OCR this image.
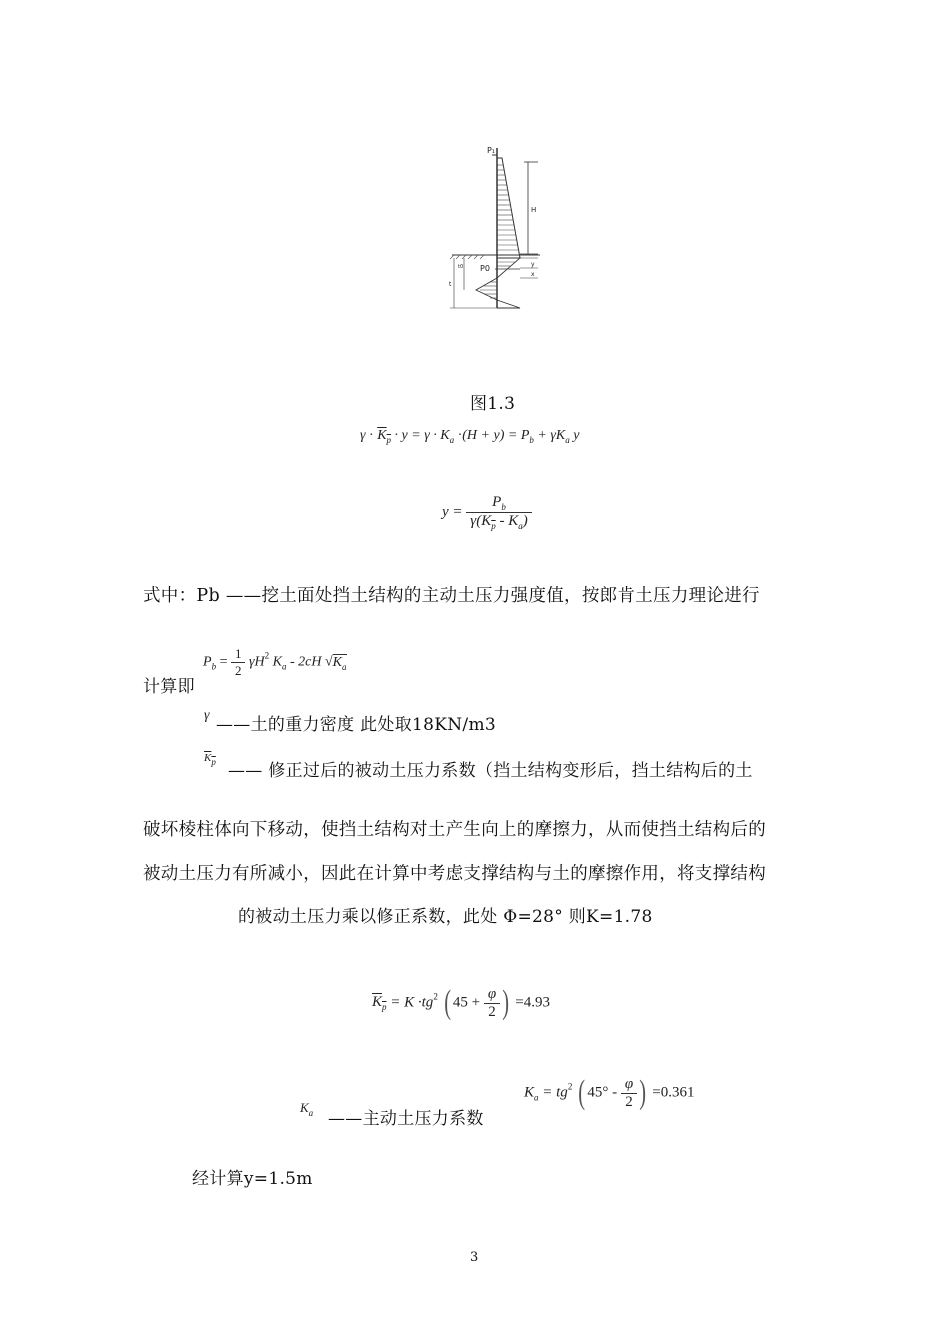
P₁
H
P0	y
x
t
t0
图1.3
$\gamma \cdot K_p \cdot y = \gamma \cdot K_a \cdot(H + y) = P_b + \gamma K_a$ y
$y = \frac{P_b}{\gamma(K_p - K_a)}$
式中：Pb ——挖土面处挡土结构的主动土压力强度值，按郎肯土压力理论进行
计算即
$P_b = \frac{1}{2} \gamma H^2$ $K_a - 2cH$ $√K_a$
γ ——土的重力密度 此处取18KN/m3
$K_p$ —— 修正过后的被动土压力系数（挡土结构变形后，挡土结构后的土
破坏棱柱体向下移动，使挡土结构对土产生向上的摩擦力，从而使挡土结构后的
被动土压力有所减小，因此在计算中考虑支撑结构与土的摩擦作用，将支撑结构
的被动土压力乘以修正系数，此处 Φ=28° 则K=1.78
$K_p = K \cdot tg^2$ ( $45 + \frac{\varphi}{2}$ ) =4.93
$K_a$ ——主动土压力系数
$K_a = tg^2$ ( $45^\circ - \frac{\varphi}{2}$ ) =0.361
经计算y=1.5m
3
